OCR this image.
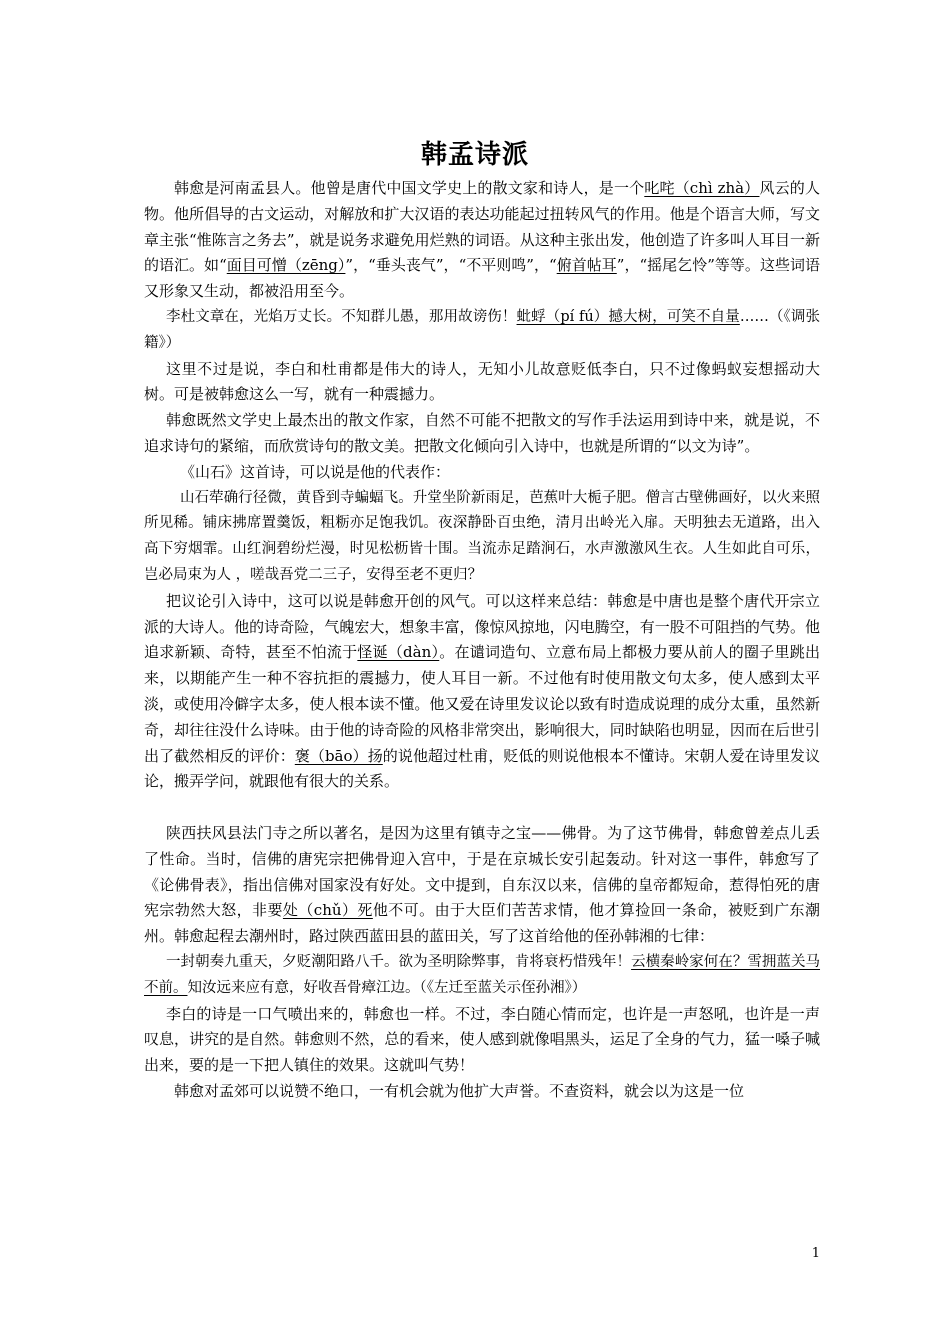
韩孟诗派

韩愈是河南孟县人。他曾是唐代中国文学史上的散文家和诗人，是一个叱咤（chì zhà）风云的人物。他所倡导的古文运动，对解放和扩大汉语的表达功能起过扭转风气的作用。他是个语言大师，写文章主张“惟陈言之务去”，就是说务求避免用烂熟的词语。从这种主张出发，他创造了许多叫人耳目一新的语汇。如“面目可憎（zēng）”，“垂头丧气”，“不平则鸣”，“俯首帖耳”，“摇尾乞怜”等等。这些词语又形象又生动，都被沿用至今。

李杜文章在，光焰万丈长。不知群儿愚，那用故谤伤！蚍蜉（pí fú）撼大树，可笑不自量……（《调张籍》）

这里不过是说，李白和杜甫都是伟大的诗人，无知小儿故意贬低李白，只不过像蚂蚁妄想摇动大树。可是被韩愈这么一写，就有一种震撼力。

韩愈既然文学史上最杰出的散文作家，自然不可能不把散文的写作手法运用到诗中来，就是说，不追求诗句的紧缩，而欣赏诗句的散文美。把散文化倾向引入诗中，也就是所谓的“以文为诗”。

《山石》这首诗，可以说是他的代表作：

山石荦确行径微，黄昏到寺蝙蝠飞。升堂坐阶新雨足，芭蕉叶大栀子肥。僧言古壁佛画好，以火来照所见稀。铺床拂席置羹饭，粗粝亦足饱我饥。夜深静卧百虫绝，清月出岭光入扉。天明独去无道路，出入高下穷烟霏。山红涧碧纷烂漫，时见松枥皆十围。当流赤足踏涧石，水声激激风生衣。人生如此自可乐，岂必局束为人 ，嗟哉吾党二三子，安得至老不更归？

把议论引入诗中，这可以说是韩愈开创的风气。可以这样来总结：韩愈是中唐也是整个唐代开宗立派的大诗人。他的诗奇险，气魄宏大，想象丰富，像惊风掠地，闪电腾空，有一股不可阻挡的气势。他追求新颖、奇特，甚至不怕流于怪诞（dàn）。在谴词造句、立意布局上都极力要从前人的圈子里跳出来，以期能产生一种不容抗拒的震撼力，使人耳目一新。不过他有时使用散文句太多，使人感到太平淡，或使用冷僻字太多，使人根本读不懂。他又爱在诗里发议论以致有时造成说理的成分太重，虽然新奇，却往往没什么诗味。由于他的诗奇险的风格非常突出，影响很大，同时缺陷也明显，因而在后世引出了截然相反的评价：褒（bāo）扬的说他超过杜甫，贬低的则说他根本不懂诗。宋朝人爱在诗里发议论，搬弄学问，就跟他有很大的关系。

陕西扶风县法门寺之所以著名，是因为这里有镇寺之宝——佛骨。为了这节佛骨，韩愈曾差点儿丢了性命。当时，信佛的唐宪宗把佛骨迎入宫中，于是在京城长安引起轰动。针对这一事件，韩愈写了《论佛骨表》，指出信佛对国家没有好处。文中提到，自东汉以来，信佛的皇帝都短命，惹得怕死的唐宪宗勃然大怒，非要处（chǔ）死他不可。由于大臣们苦苦求情，他才算捡回一条命，被贬到广东潮州。韩愈起程去潮州时，路过陕西蓝田县的蓝田关，写了这首给他的侄孙韩湘的七律：

一封朝奏九重天，夕贬潮阳路八千。欲为圣明除弊事，肯将衰朽惜残年！云横秦岭家何在？雪拥蓝关马不前。知汝远来应有意，好收吾骨瘴江边。（《左迁至蓝关示侄孙湘》）

李白的诗是一口气喷出来的，韩愈也一样。不过，李白随心情而定，也许是一声怒吼，也许是一声叹息，讲究的是自然。韩愈则不然，总的看来，使人感到就像唱黑头，运足了全身的气力，猛一嗓子喊出来，要的是一下把人镇住的效果。这就叫气势！

韩愈对孟郊可以说赞不绝口，一有机会就为他扩大声誉。不查资料，就会以为这是一位

1
